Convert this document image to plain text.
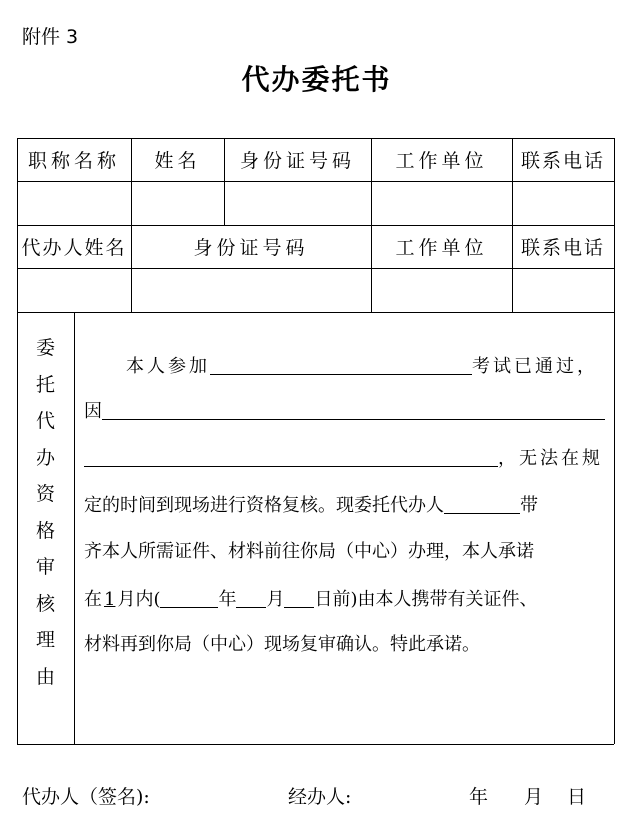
附件 3
代办委托书
职称名称	姓名	身份证号码	工作单位	联系电话
代办人姓名	身份证号码	工作单位	联系电话
委
托
代
办
资
格
审
核
理
由
本人参加	考试已通过，
因
，无法在规
定的时间到现场进行资格复核。现委托代办人	带
齐本人所需证件、材料前往你局（中心）办理，本人承诺
在 1 月内(	年 月 日前)由本人携带有关证件、
材料再到你局（中心）现场复审确认。特此承诺。
代办人（签名):	经办人:	年 月 日
